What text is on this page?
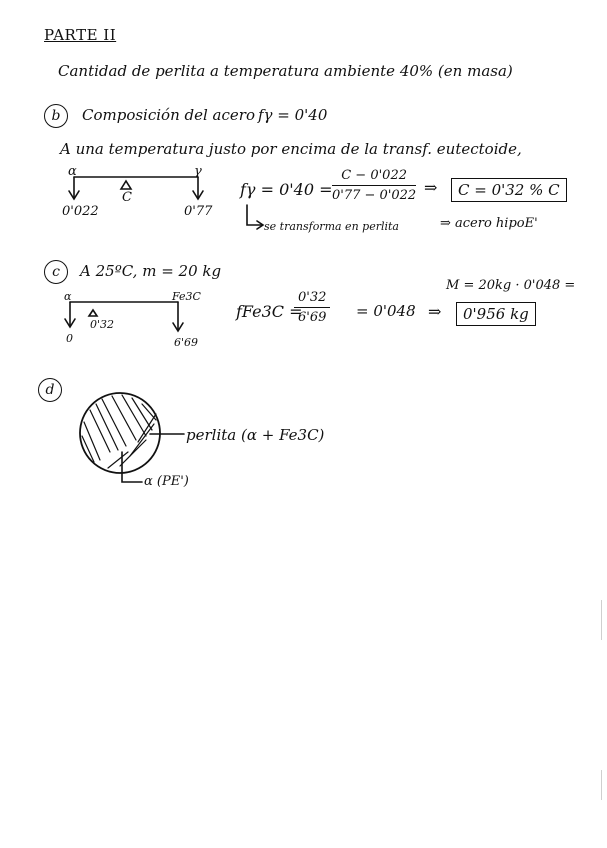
PARTE II
Cantidad de perlita a temperatura ambiente 40% (en masa)
b	Composición del acero fγ = 0'40
A una temperatura justo por encima de la transf. eutectoide,
α	γ
C
0'022	0'77
$f\gamma = 0'40 = \frac{C - 0'022}{0'77 - 0'022}$ ⇒	C = 0'32 % C
se transforma en perlita	⇒ acero hipoE'
c	A 25ºC, m = 20 kg
α	Fe3C
0
0'32
6'69
fFe3C =
$\frac{0'32}{6'69} = 0'048$ ⇒
M = 20kg · 0'048 =
0'956 kg
d
perlita (α + Fe3C)
α (PE')
